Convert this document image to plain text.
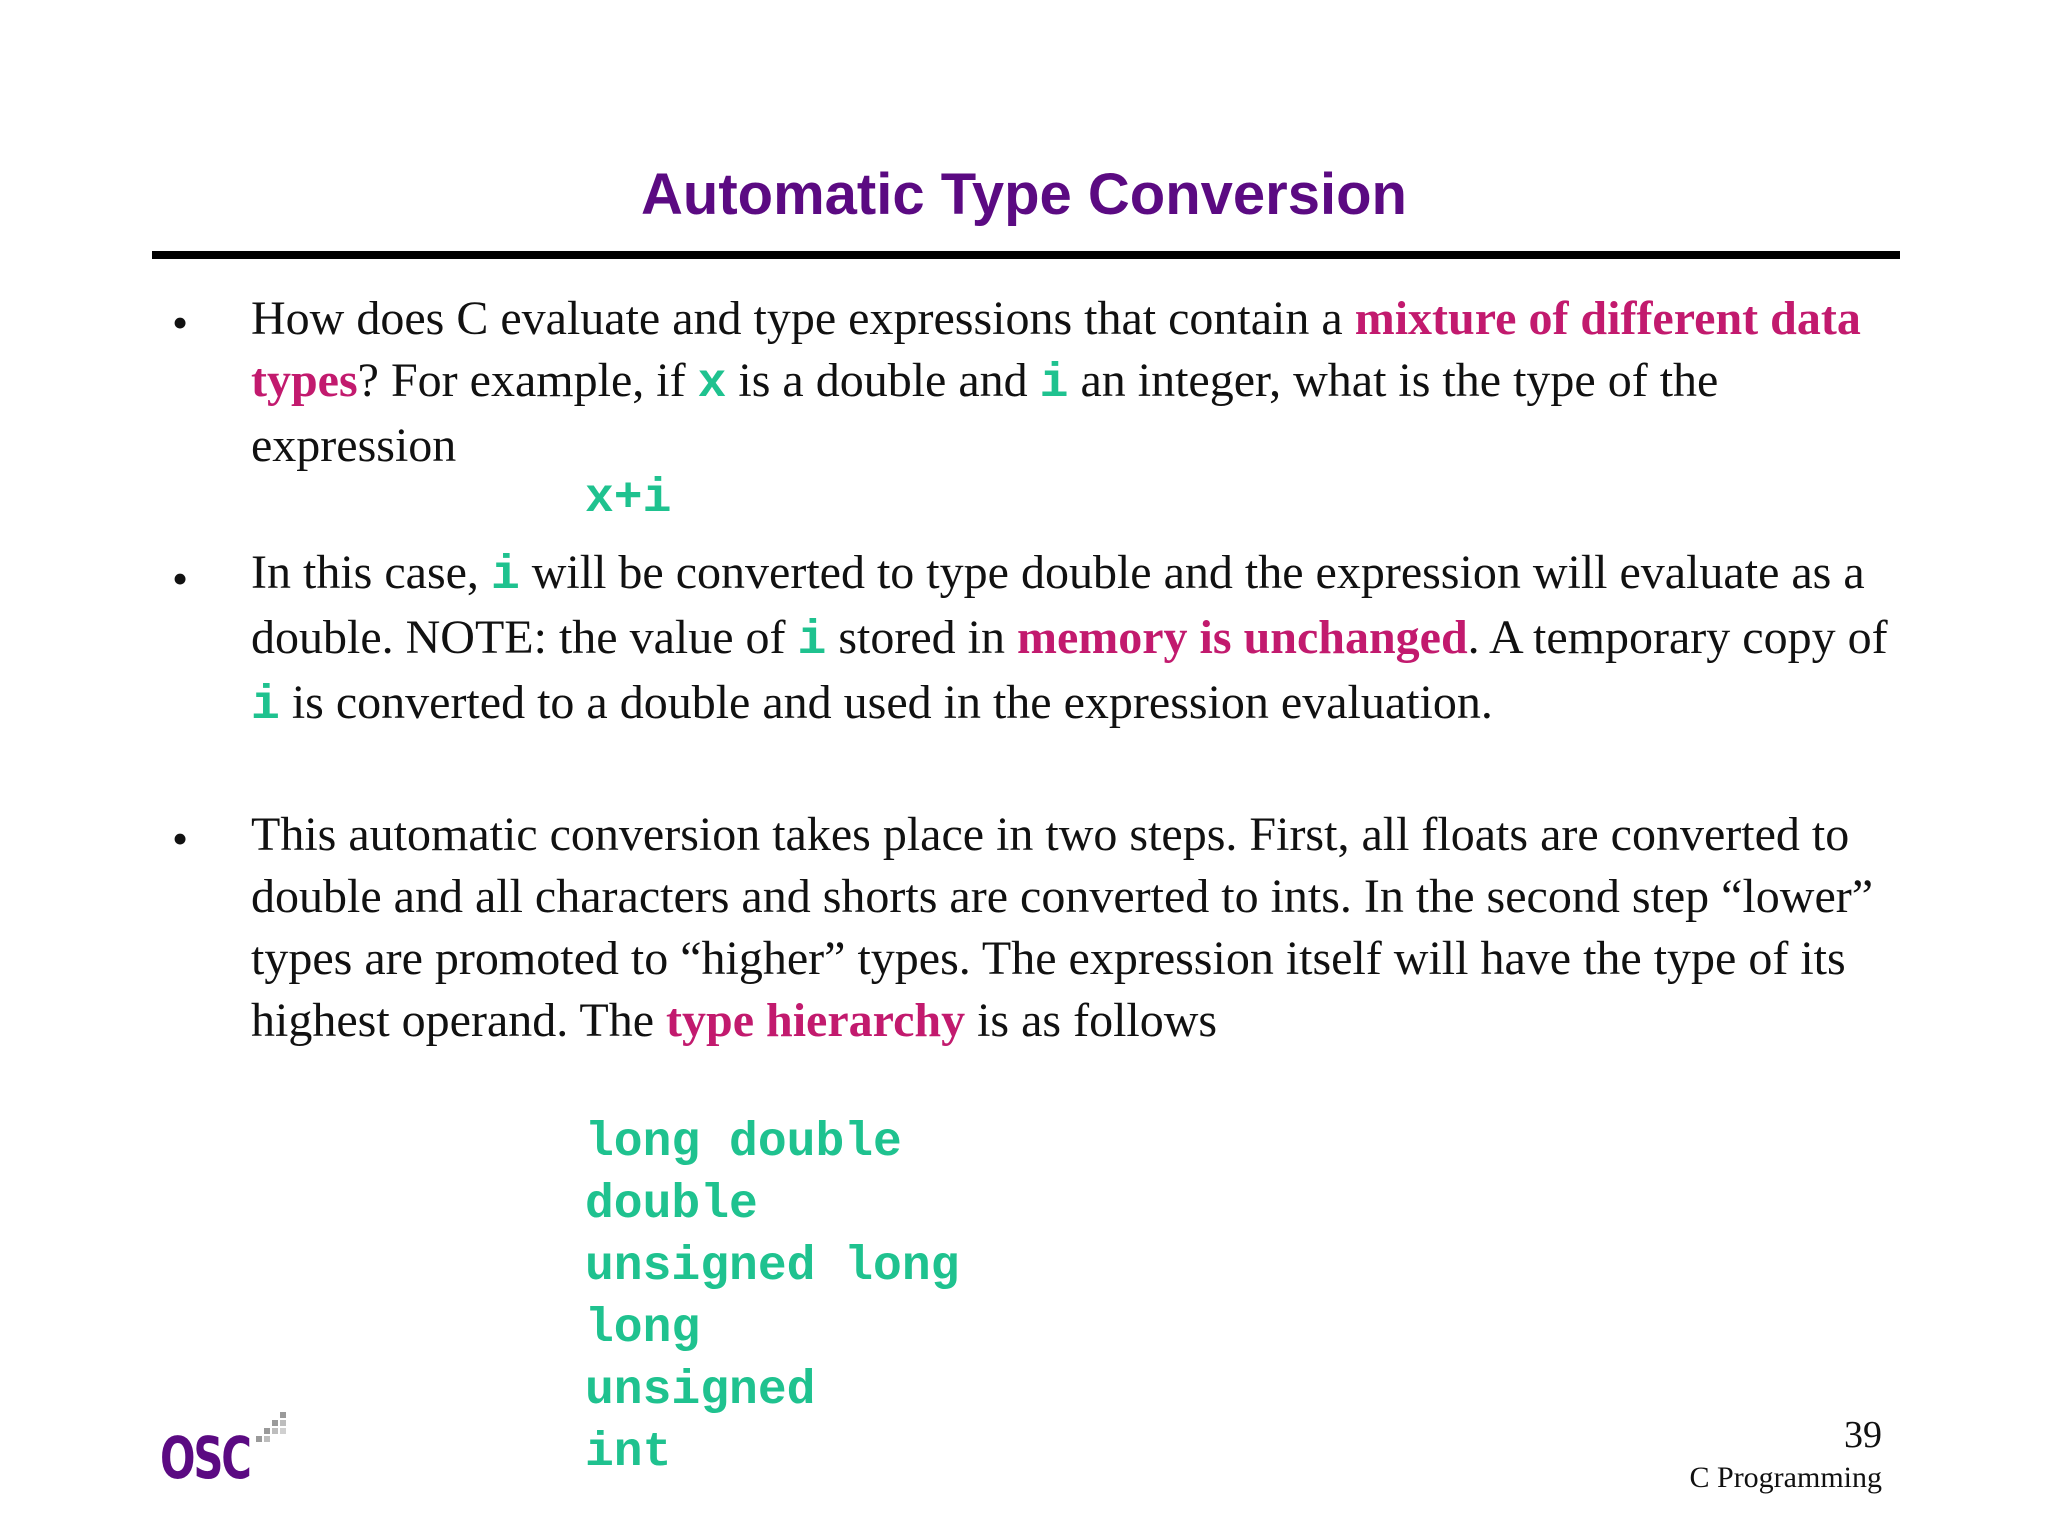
Automatic Type Conversion
• How does C evaluate and type expressions that contain a mixture of different data types? For example, if x is a double and i an integer, what is the type of the expression

x+i
• In this case, i will be converted to type double and the expression will evaluate as a double. NOTE: the value of i stored in memory is unchanged. A temporary copy of i is converted to a double and used in the expression evaluation.

• This automatic conversion takes place in two steps. First, all floats are converted to double and all characters and shorts are converted to ints. In the second step “lower” types are promoted to “higher” types. The expression itself will have the type of its highest operand. The type hierarchy is as follows

long double
double
unsigned long
long
unsigned
int
OSC	39
C Programming
